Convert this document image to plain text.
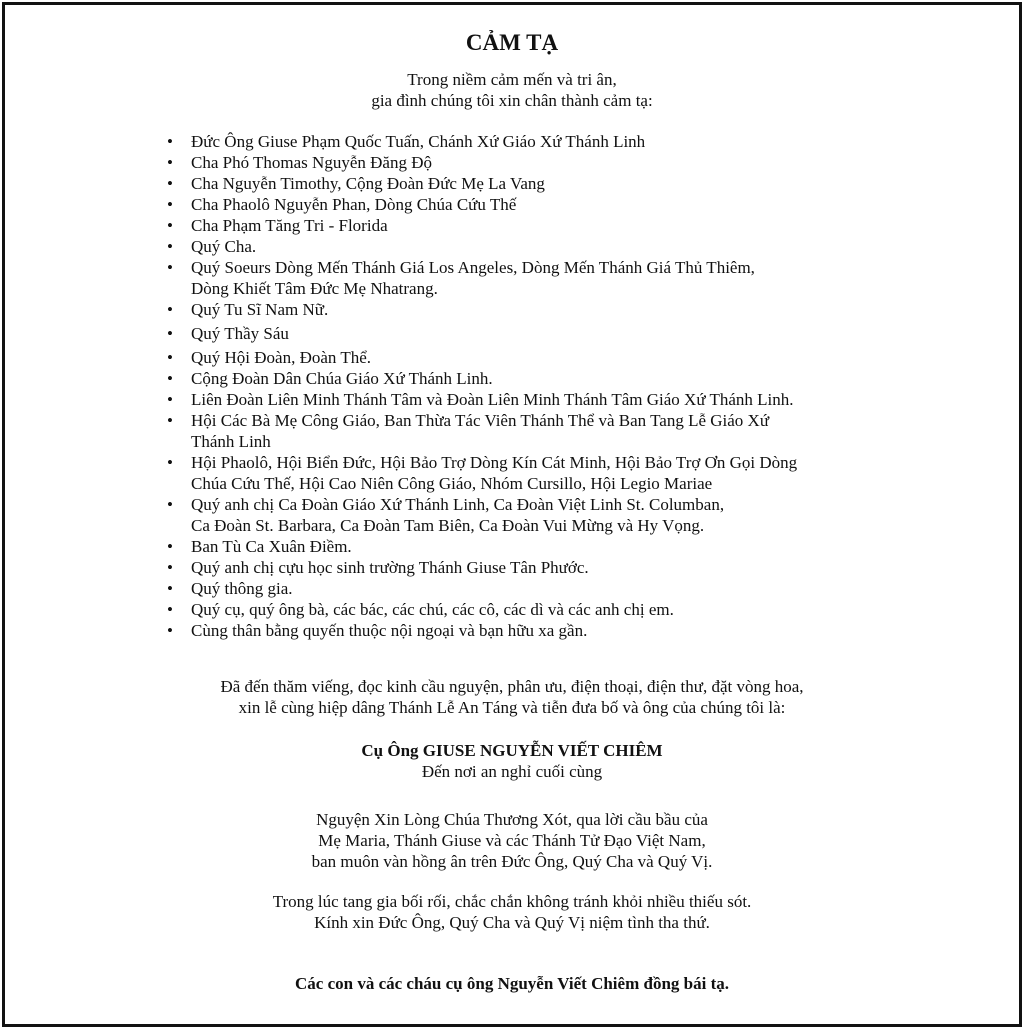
CẢM TẠ
Trong niềm cảm mến và tri ân,
gia đình chúng tôi xin chân thành cảm tạ:
• Đức Ông Giuse Phạm Quốc Tuấn, Chánh Xứ Giáo Xứ Thánh Linh
• Cha Phó Thomas Nguyễn Đăng Độ
• Cha Nguyễn Timothy, Cộng Đoàn Đức Mẹ La Vang
• Cha Phaolô Nguyễn Phan, Dòng Chúa Cứu Thế
• Cha Phạm Tăng Tri - Florida
• Quý Cha.
• Quý Soeurs Dòng Mến Thánh Giá Los Angeles, Dòng Mến Thánh Giá Thủ Thiêm,
Dòng Khiết Tâm Đức Mẹ Nhatrang.
• Quý Tu Sĩ Nam Nữ.
• Quý Thầy Sáu
• Quý Hội Đoàn, Đoàn Thể.
• Cộng Đoàn Dân Chúa Giáo Xứ Thánh Linh.
• Liên Đoàn Liên Minh Thánh Tâm và Đoàn Liên Minh Thánh Tâm Giáo Xứ Thánh Linh.
• Hội Các Bà Mẹ Công Giáo, Ban Thừa Tác Viên Thánh Thể và Ban Tang Lễ Giáo Xứ
Thánh Linh
• Hội Phaolô, Hội Biển Đức, Hội Bảo Trợ Dòng Kín Cát Minh, Hội Bảo Trợ Ơn Gọi Dòng
Chúa Cứu Thế, Hội Cao Niên Công Giáo, Nhóm Cursillo, Hội Legio Mariae
• Quý anh chị Ca Đoàn Giáo Xứ Thánh Linh, Ca Đoàn Việt Linh St. Columban,
Ca Đoàn St. Barbara, Ca Đoàn Tam Biên, Ca Đoàn Vui Mừng và Hy Vọng.
• Ban Tù Ca Xuân Điềm.
• Quý anh chị cựu học sinh trường Thánh Giuse Tân Phước.
• Quý thông gia.
• Quý cụ, quý ông bà, các bác, các chú, các cô, các dì và các anh chị em.
• Cùng thân bằng quyến thuộc nội ngoại và bạn hữu xa gần.
Đã đến thăm viếng, đọc kinh cầu nguyện, phân ưu, điện thoại, điện thư, đặt vòng hoa,
xin lễ cùng hiệp dâng Thánh Lễ An Táng và tiễn đưa bố và ông của chúng tôi là:
Cụ Ông GIUSE NGUYỄN VIẾT CHIÊM
Đến nơi an nghỉ cuối cùng
Nguyện Xin Lòng Chúa Thương Xót, qua lời cầu bầu của
Mẹ Maria, Thánh Giuse và các Thánh Tử Đạo Việt Nam,
ban muôn vàn hồng ân trên Đức Ông, Quý Cha và Quý Vị.
Trong lúc tang gia bối rối, chắc chắn không tránh khỏi nhiều thiếu sót.
Kính xin Đức Ông, Quý Cha và Quý Vị niệm tình tha thứ.
Các con và các cháu cụ ông Nguyễn Viết Chiêm đồng bái tạ.
